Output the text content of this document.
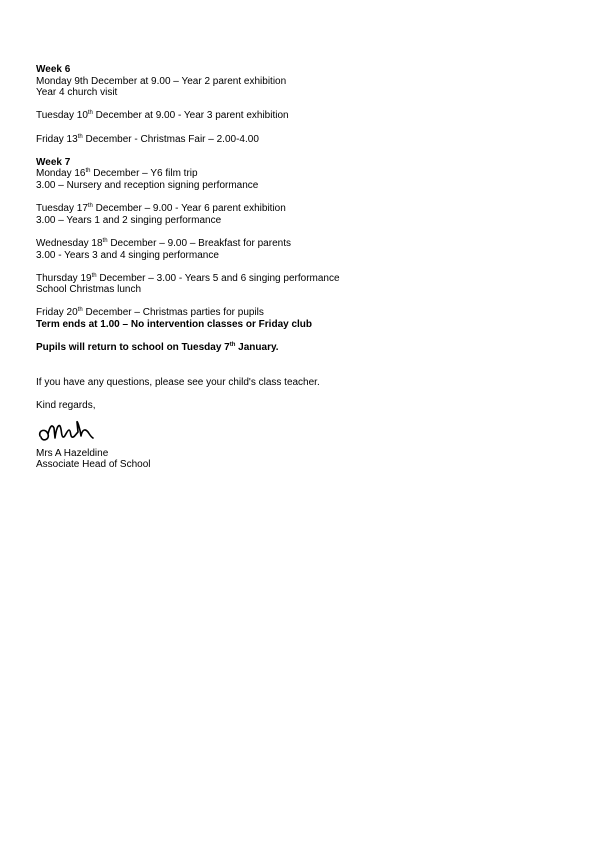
Week 6
Monday 9th December at 9.00 – Year 2 parent exhibition
Year 4 church visit
Tuesday 10th December at 9.00 - Year 3 parent exhibition
Friday 13th December - Christmas Fair – 2.00-4.00
Week 7
Monday 16th December – Y6 film trip
3.00 – Nursery and reception signing performance
Tuesday 17th December – 9.00 - Year 6 parent exhibition
3.00 – Years 1 and 2 singing performance
Wednesday 18th December – 9.00 – Breakfast for parents
3.00 - Years 3 and 4 singing performance
Thursday 19th December – 3.00 - Years 5 and 6 singing performance
School Christmas lunch
Friday 20th December – Christmas parties for pupils
Term ends at 1.00 – No intervention classes or Friday club
Pupils will return to school on Tuesday 7th January.
If you have any questions, please see your child's class teacher.
Kind regards,
Mrs A Hazeldine
Associate Head of School
